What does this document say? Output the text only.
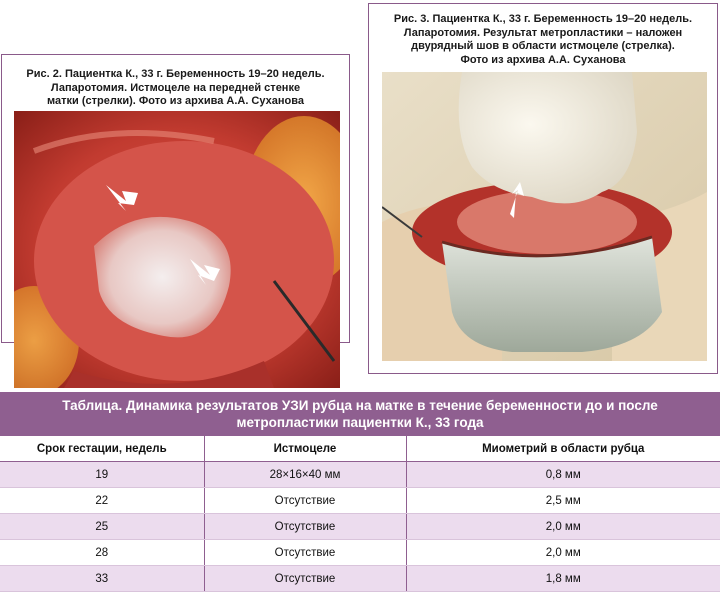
Рис. 2. Пациентка К., 33 г. Беременность 19–20 недель.
Лапаротомия. Истмоцеле на передней стенке
матки (стрелки). Фото из архива А.А. Суханова
Рис. 3. Пациентка К., 33 г. Беременность 19–20 недель.
Лапаротомия. Результат метропластики – наложен
двурядный шов в области истмоцеле (стрелка).
Фото из архива А.А. Суханова
Таблица. Динамика результатов УЗИ рубца на матке в течение беременности до и после
метропластики пациентки К., 33 года
Срок гестации, недель	Истмоцеле	Миометрий в области рубца
19	28×16×40 мм	0,8 мм
22	Отсутствие	2,5 мм
25	Отсутствие	2,0 мм
28	Отсутствие	2,0 мм
33	Отсутствие	1,8 мм
